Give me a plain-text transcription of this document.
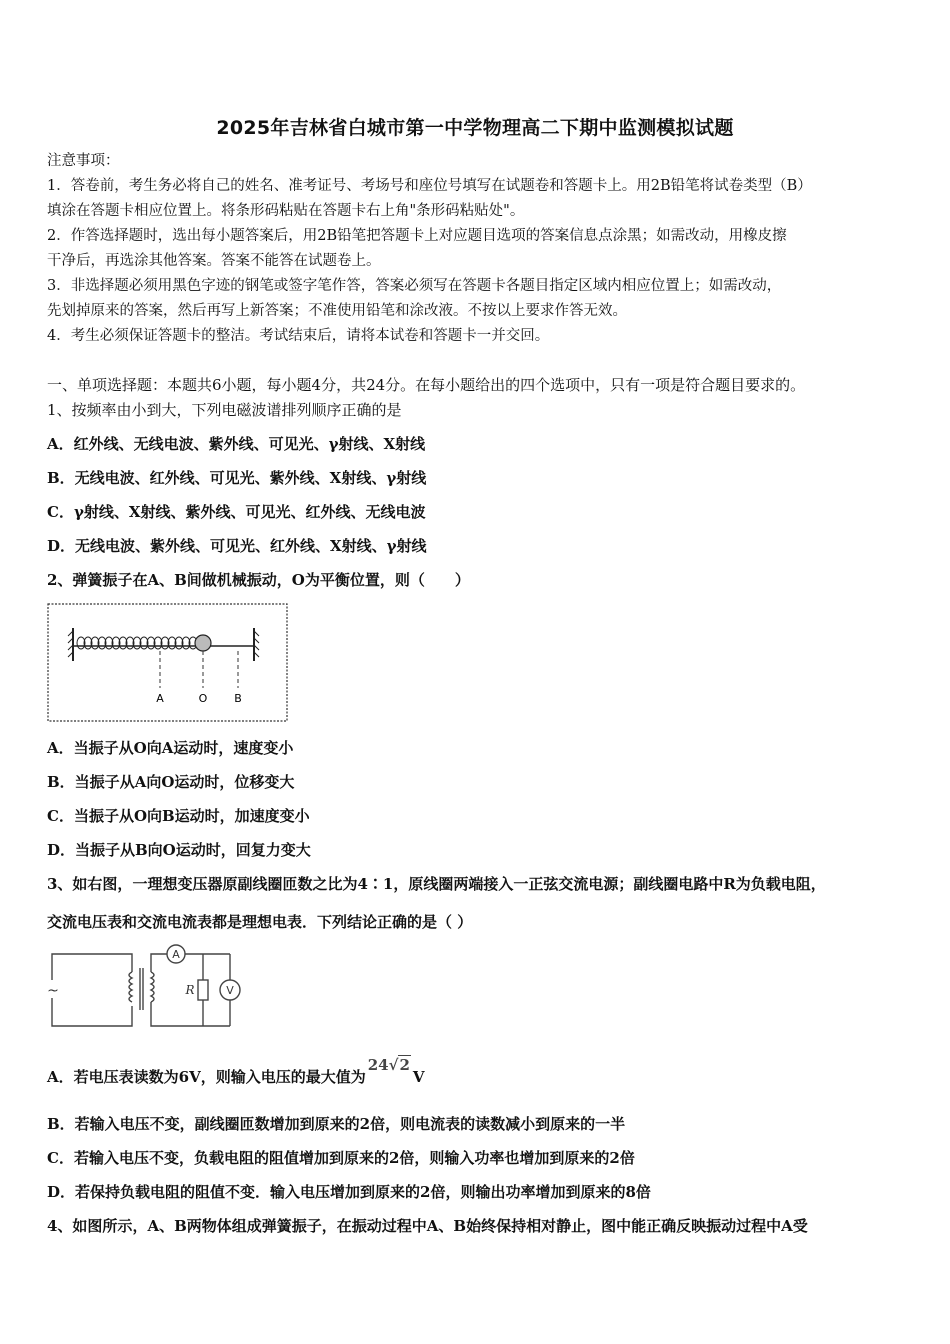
2025年吉林省白城市第一中学物理高二下期中监测模拟试题
注意事项：
1．答卷前，考生务必将自己的姓名、准考证号、考场号和座位号填写在试题卷和答题卡上。用2B铅笔将试卷类型（B）
填涂在答题卡相应位置上。将条形码粘贴在答题卡右上角"条形码粘贴处"。
2．作答选择题时，选出每小题答案后，用2B铅笔把答题卡上对应题目选项的答案信息点涂黑；如需改动，用橡皮擦
干净后，再选涂其他答案。答案不能答在试题卷上。
3．非选择题必须用黑色字迹的钢笔或签字笔作答，答案必须写在答题卡各题目指定区域内相应位置上；如需改动，
先划掉原来的答案，然后再写上新答案；不准使用铅笔和涂改液。不按以上要求作答无效。
4．考生必须保证答题卡的整洁。考试结束后，请将本试卷和答题卡一并交回。
一、单项选择题：本题共6小题，每小题4分，共24分。在每小题给出的四个选项中，只有一项是符合题目要求的。
1、按频率由小到大，下列电磁波谱排列顺序正确的是
A．红外线、无线电波、紫外线、可见光、γ射线、X射线
B．无线电波、红外线、可见光、紫外线、X射线、γ射线
C．γ射线、X射线、紫外线、可见光、红外线、无线电波
D．无线电波、紫外线、可见光、红外线、X射线、γ射线
2、弹簧振子在A、B间做机械振动，O为平衡位置，则（　　）
A	O B
A．当振子从O向A运动时，速度变小
B．当振子从A向O运动时，位移变大
C．当振子从O向B运动时，加速度变小
D．当振子从B向O运动时，回复力变大
3、如右图，一理想变压器原副线圈匝数之比为4∶1，原线圈两端接入一正弦交流电源；副线圈电路中R为负载电阻，
交流电压表和交流电流表都是理想电表．下列结论正确的是（ ）
A
V
R
~
A．若电压表读数为6V，则输入电压的最大值为24√2V
B．若输入电压不变，副线圈匝数增加到原来的2倍，则电流表的读数减小到原来的一半
C．若输入电压不变，负载电阻的阻值增加到原来的2倍，则输入功率也增加到原来的2倍
D．若保持负载电阻的阻值不变．输入电压增加到原来的2倍，则输出功率增加到原来的8倍
4、如图所示，A、B两物体组成弹簧振子，在振动过程中A、B始终保持相对静止，图中能正确反映振动过程中A受
